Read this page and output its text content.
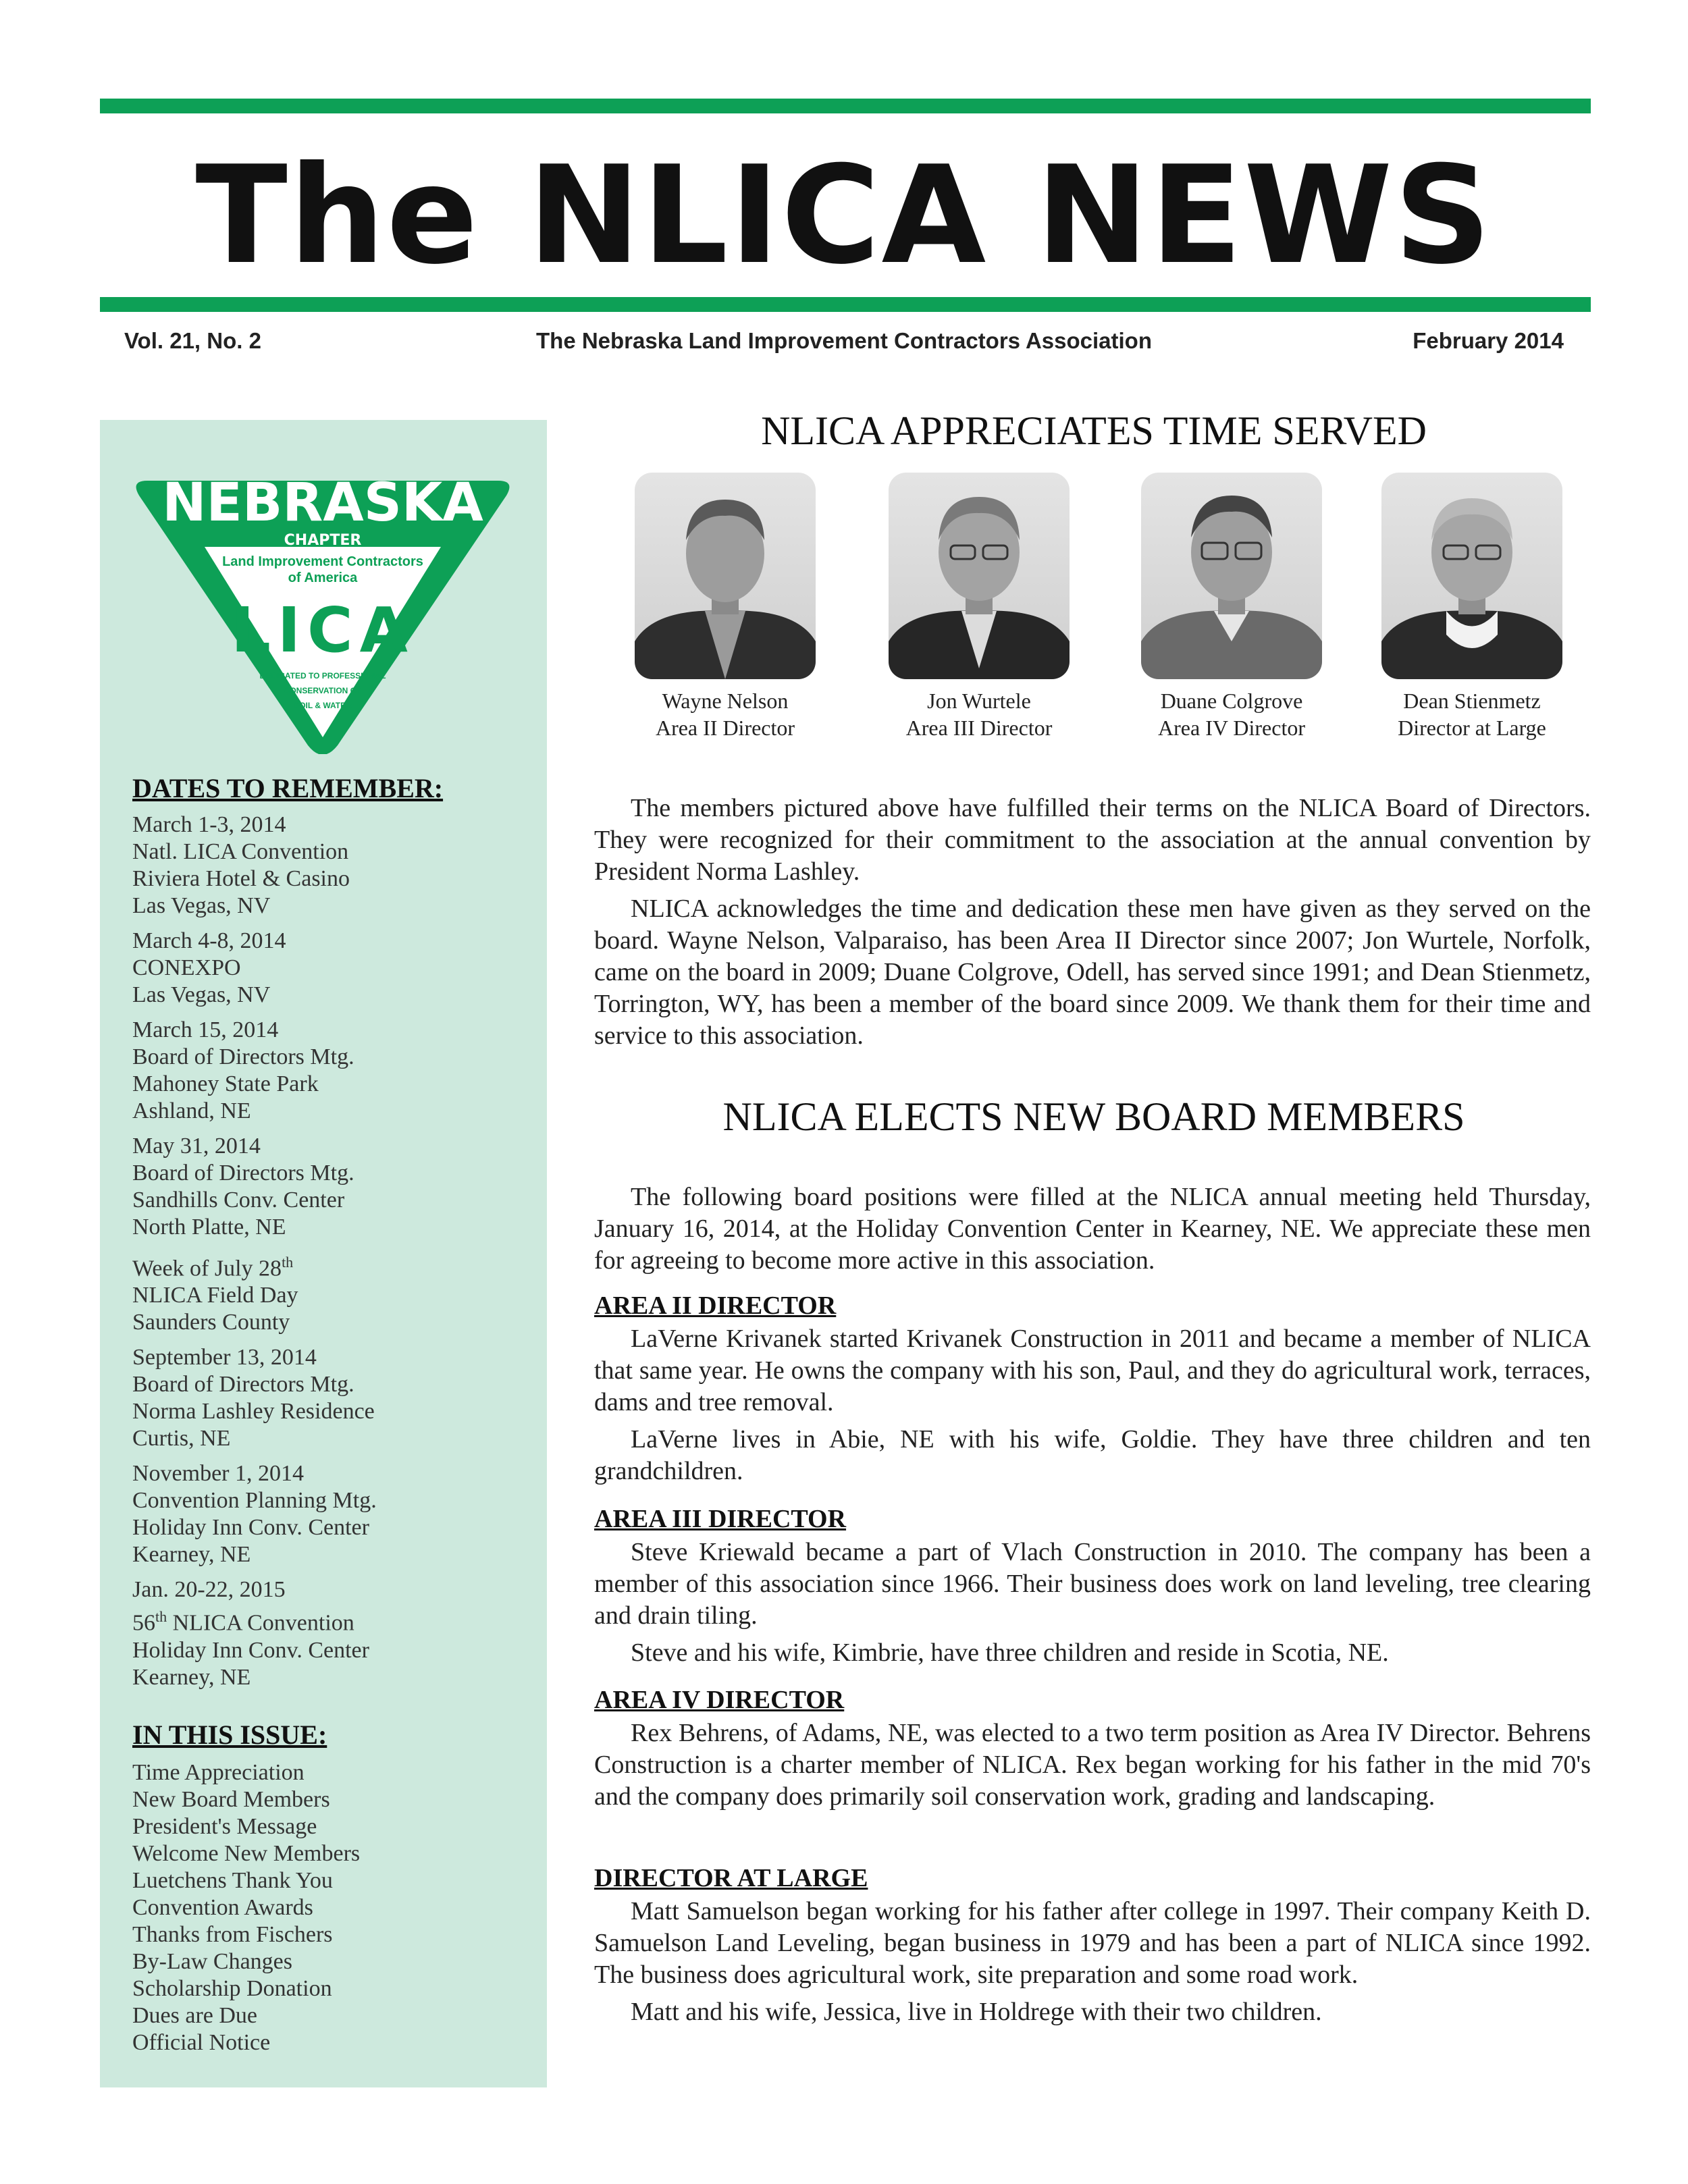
The NLICA NEWS
Vol. 21, No. 2	The Nebraska Land Improvement Contractors Association	February 2014
NEBRASKA
CHAPTER
Land Improvement Contractors
of America
LICA
DEDICATED TO PROFESSIONAL
CONSERVATION OF
SOIL & WATER
DATES TO REMEMBER:
March 1-3, 2014
Natl. LICA Convention
Riviera Hotel & Casino
Las Vegas, NV
March 4-8, 2014
CONEXPO
Las Vegas, NV
March 15, 2014
Board of Directors Mtg.
Mahoney State Park
Ashland, NE
May 31, 2014
Board of Directors Mtg.
Sandhills Conv. Center
North Platte, NE
Week of July 28th
NLICA Field Day
Saunders County
September 13, 2014
Board of Directors Mtg.
Norma Lashley Residence
Curtis, NE
November 1, 2014
Convention Planning Mtg.
Holiday Inn Conv. Center
Kearney, NE
Jan. 20-22, 2015
56th NLICA Convention
Holiday Inn Conv. Center
Kearney, NE
IN THIS ISSUE:
Time Appreciation
New Board Members
President's Message
Welcome New Members
Luetchens Thank You
Convention Awards
Thanks from Fischers
By-Law Changes
Scholarship Donation
Dues are Due
Official Notice
NLICA APPRECIATES TIME SERVED
Wayne Nelson
Area II Director
Jon Wurtele
Area III Director
Duane Colgrove
Area IV Director
Dean Stienmetz
Director at Large

The members pictured above have fulfilled their terms on the NLICA Board of Directors. They were recognized for their commitment to the association at the annual convention by President Norma Lashley.

NLICA acknowledges the time and dedication these men have given as they served on the board. Wayne Nelson, Valparaiso, has been Area II Director since 2007; Jon Wurtele, Norfolk, came on the board in 2009; Duane Colgrove, Odell, has served since 1991; and Dean Stienmetz, Torrington, WY, has been a member of the board since 2009. We thank them for their time and service to this association.

NLICA ELECTS NEW BOARD MEMBERS

The following board positions were filled at the NLICA annual meeting held Thursday, January 16, 2014, at the Holiday Convention Center in Kearney, NE. We appreciate these men for agreeing to become more active in this association.

AREA II DIRECTOR

LaVerne Krivanek started Krivanek Construction in 2011 and became a member of NLICA that same year. He owns the company with his son, Paul, and they do agricultural work, terraces, dams and tree removal.

LaVerne lives in Abie, NE with his wife, Goldie. They have three children and ten grandchildren.

AREA III DIRECTOR

Steve Kriewald became a part of Vlach Construction in 2010. The company has been a member of this association since 1966. Their business does work on land leveling, tree clearing and drain tiling.

Steve and his wife, Kimbrie, have three children and reside in Scotia, NE.

AREA IV DIRECTOR

Rex Behrens, of Adams, NE, was elected to a two term position as Area IV Director. Behrens Construction is a charter member of NLICA. Rex began working for his father in the mid 70's and the company does primarily soil conservation work, grading and landscaping.

DIRECTOR AT LARGE

Matt Samuelson began working for his father after college in 1997. Their company Keith D. Samuelson Land Leveling, began business in 1979 and has been a part of NLICA since 1992. The business does agricultural work, site preparation and some road work.

Matt and his wife, Jessica, live in Holdrege with their two children.
